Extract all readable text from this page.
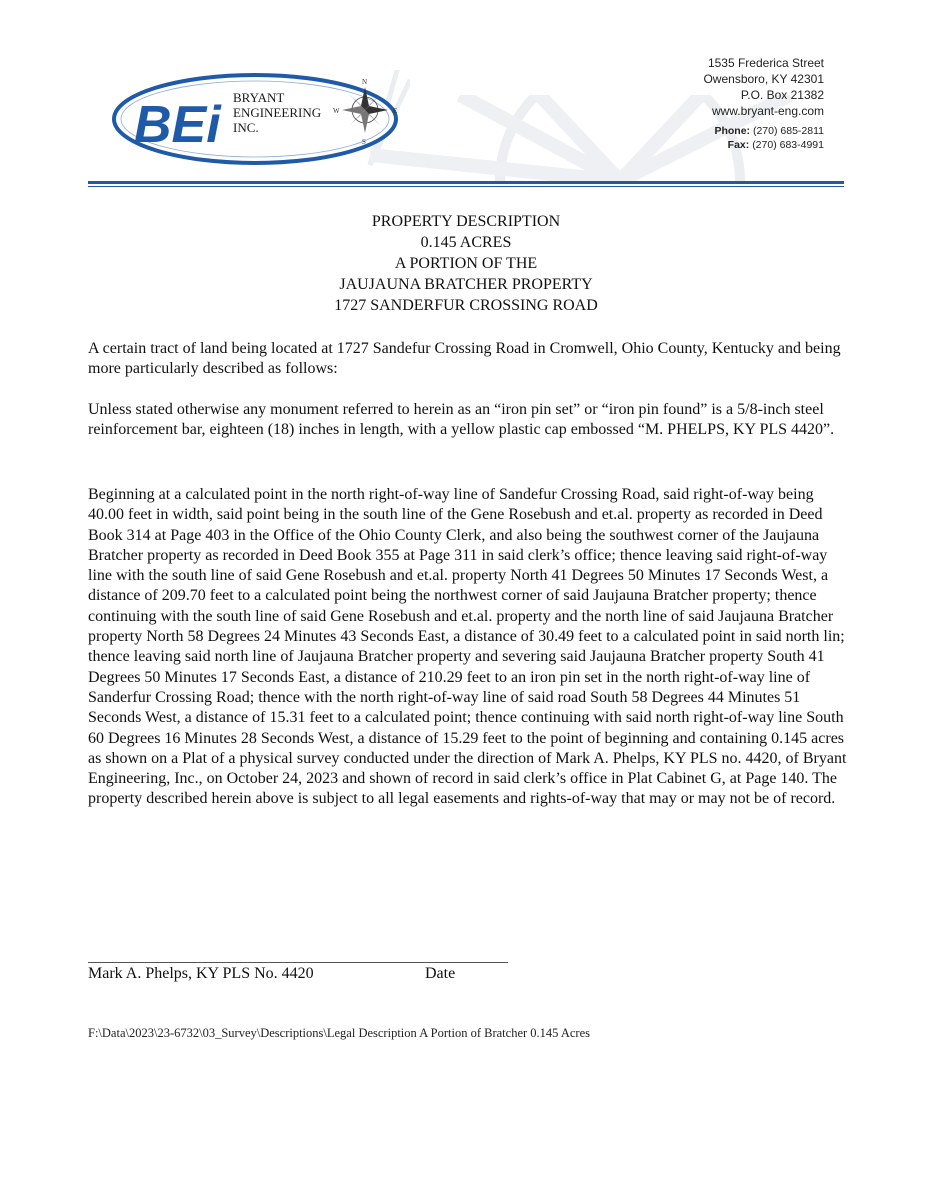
BEi BRYANT
ENGINEERING
INC.
N
S
W	E
1535 Frederica Street
Owensboro, KY 42301
P.O. Box 21382
www.bryant-eng.com
Phone: (270) 685-2811
Fax: (270) 683-4991
PROPERTY DESCRIPTION
0.145 ACRES
A PORTION OF THE
JAUJAUNA BRATCHER PROPERTY
1727 SANDERFUR CROSSING ROAD

A certain tract of land being located at 1727 Sandefur Crossing Road in Cromwell, Ohio County, Kentucky and being more particularly described as follows:

Unless stated otherwise any monument referred to herein as an “iron pin set” or “iron pin found” is a 5/8-inch steel reinforcement bar, eighteen (18) inches in length, with a yellow plastic cap embossed “M. PHELPS, KY PLS 4420”.

Beginning at a calculated point in the north right-of-way line of Sandefur Crossing Road, said right-of-way being 40.00 feet in width, said point being in the south line of the Gene Rosebush and et.al. property as recorded in Deed Book 314 at Page 403 in the Office of the Ohio County Clerk, and also being the southwest corner of the Jaujauna Bratcher property as recorded in Deed Book 355 at Page 311 in said clerk’s office; thence leaving said right-of-way line with the south line of said Gene Rosebush and et.al. property North 41 Degrees 50 Minutes 17 Seconds West, a distance of 209.70 feet to a calculated point being the northwest corner of said Jaujauna Bratcher property; thence continuing with the south line of said Gene Rosebush and et.al. property and the north line of said Jaujauna Bratcher property North 58 Degrees 24 Minutes 43 Seconds East, a distance of 30.49 feet to a calculated point in said north lin; thence leaving said north line of Jaujauna Bratcher property and severing said Jaujauna Bratcher property South 41 Degrees 50 Minutes 17 Seconds East, a distance of 210.29 feet to an iron pin set in the north right-of-way line of Sanderfur Crossing Road; thence with the north right-of-way line of said road South 58 Degrees 44 Minutes 51 Seconds West, a distance of 15.31 feet to a calculated point; thence continuing with said north right-of-way line South 60 Degrees 16 Minutes 28 Seconds West, a distance of 15.29 feet to the point of beginning and containing 0.145 acres as shown on a Plat of a physical survey conducted under the direction of Mark A. Phelps, KY PLS no. 4420, of Bryant Engineering, Inc., on October 24, 2023 and shown of record in said clerk’s office in Plat Cabinet G, at Page 140. The property described herein above is subject to all legal easements and rights-of-way that may or may not be of record.

Mark A. Phelps, KY PLS No. 4420	Date
F:\Data\2023\23-6732\03_Survey\Descriptions\Legal Description A Portion of Bratcher 0.145 Acres
